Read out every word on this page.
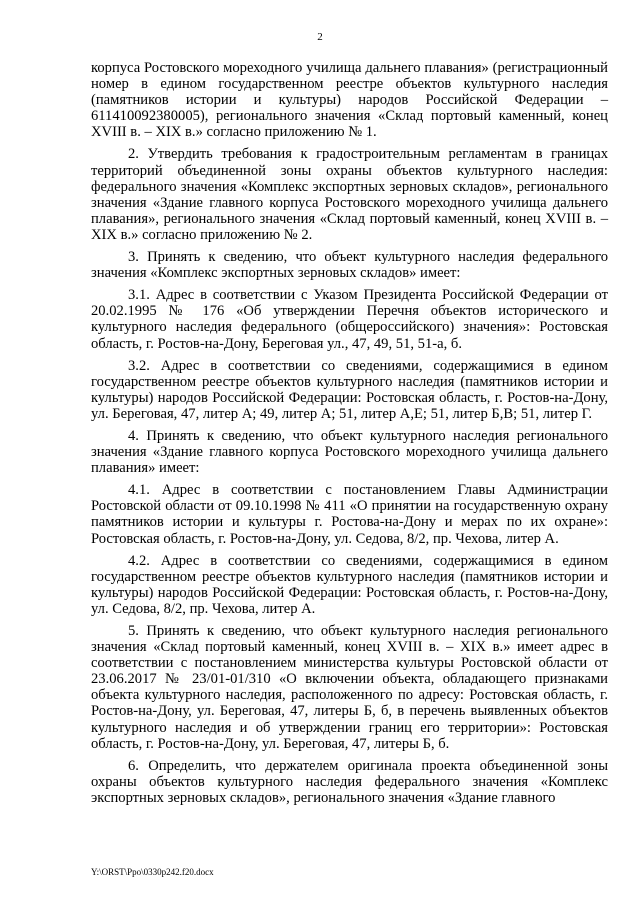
2

корпуса Ростовского мореходного училища дальнего плавания» (регистрационный номер в едином государственном реестре объектов культурного наследия (памятников истории и культуры) народов Российской Федерации – 611410092380005), регионального значения «Склад портовый каменный, конец XVIII в. – XIX в.» согласно приложению № 1.

2. Утвердить требования к градостроительным регламентам в границах территорий объединенной зоны охраны объектов культурного наследия: федерального значения «Комплекс экспортных зерновых складов», регионального значения «Здание главного корпуса Ростовского мореходного училища дальнего плавания», регионального значения «Склад портовый каменный, конец XVIII в. – XIX в.» согласно приложению № 2.

3. Принять к сведению, что объект культурного наследия федерального значения «Комплекс экспортных зерновых складов» имеет:

3.1. Адрес в соответствии с Указом Президента Российской Федерации от 20.02.1995 № 176 «Об утверждении Перечня объектов исторического и культурного наследия федерального (общероссийского) значения»: Ростовская область, г. Ростов-на-Дону, Береговая ул., 47, 49, 51, 51-а, б.

3.2. Адрес в соответствии со сведениями, содержащимися в едином государственном реестре объектов культурного наследия (памятников истории и культуры) народов Российской Федерации: Ростовская область, г. Ростов-на-Дону, ул. Береговая, 47, литер А; 49, литер А; 51, литер А,Е; 51, литер Б,В; 51, литер Г.

4. Принять к сведению, что объект культурного наследия регионального значения «Здание главного корпуса Ростовского мореходного училища дальнего плавания» имеет:

4.1. Адрес в соответствии с постановлением Главы Администрации Ростовской области от 09.10.1998 № 411 «О принятии на государственную охрану памятников истории и культуры г. Ростова-на-Дону и мерах по их охране»: Ростовская область, г. Ростов-на-Дону, ул. Седова, 8/2, пр. Чехова, литер А.

4.2. Адрес в соответствии со сведениями, содержащимися в едином государственном реестре объектов культурного наследия (памятников истории и культуры) народов Российской Федерации: Ростовская область, г. Ростов-на-Дону, ул. Седова, 8/2, пр. Чехова, литер А.

5. Принять к сведению, что объект культурного наследия регионального значения «Склад портовый каменный, конец XVIII в. – XIX в.» имеет адрес в соответствии с постановлением министерства культуры Ростовской области от 23.06.2017 № 23/01-01/310 «О включении объекта, обладающего признаками объекта культурного наследия, расположенного по адресу: Ростовская область, г. Ростов-на-Дону, ул. Береговая, 47, литеры Б, б, в перечень выявленных объектов культурного наследия и об утверждении границ его территории»: Ростовская область, г. Ростов-на-Дону, ул. Береговая, 47, литеры Б, б.

6. Определить, что держателем оригинала проекта объединенной зоны охраны объектов культурного наследия федерального значения «Комплекс экспортных зерновых складов», регионального значения «Здание главного

Y:\ORST\Ppo\0330p242.f20.docx
